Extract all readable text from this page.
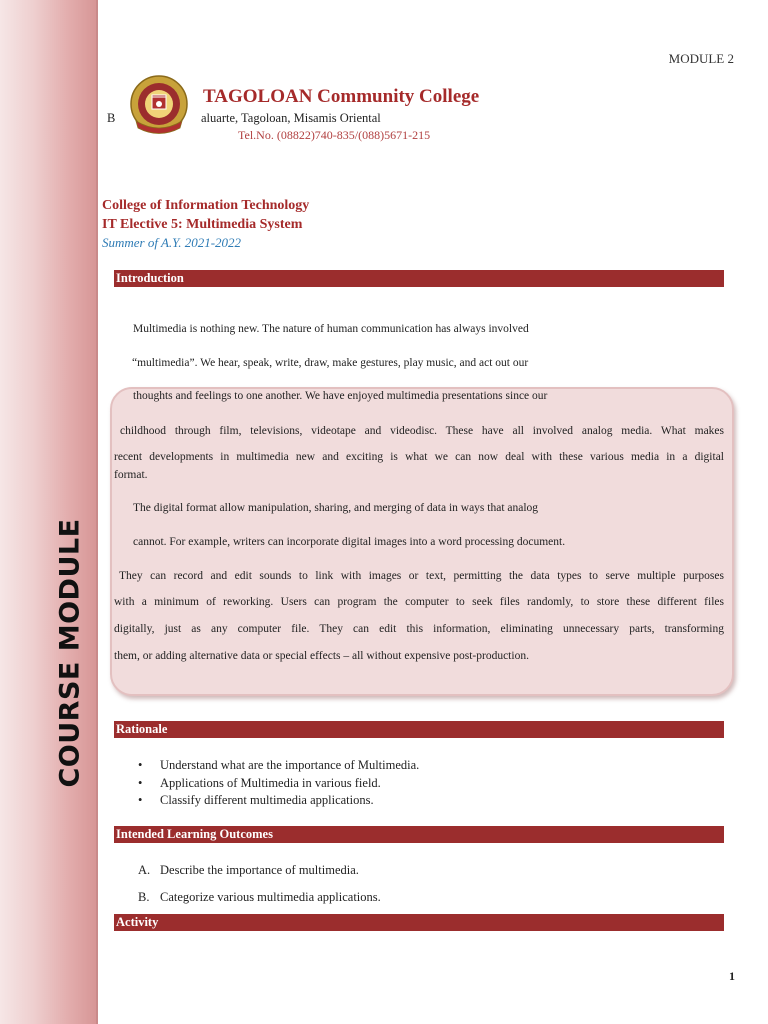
COURSE MODULE
MODULE 2
TAGOLOAN Community College
B	aluarte, Tagoloan, Misamis Oriental
Tel.No. (08822)740-835/(088)5671-215
College of Information Technology
IT Elective 5: Multimedia System
Summer of A.Y. 2021-2022
Introduction
Multimedia is nothing new. The nature of human communication has always involved
“multimedia”. We hear, speak, write, draw, make gestures, play music, and act out our
thoughts and feelings to one another. We have enjoyed multimedia presentations since our
childhood through film, televisions, videotape and videodisc. These have all involved analog media. What makes
recent developments in multimedia new and exciting is what we can now deal with these various media in a digital
format.
The digital format allow manipulation, sharing, and merging of data in ways that analog
cannot. For example, writers can incorporate digital images into a word processing document.
They can record and edit sounds to link with images or text, permitting the data types to serve multiple purposes
with a minimum of reworking. Users can program the computer to seek files randomly, to store these different files
digitally, just as any computer file. They can edit this information, eliminating unnecessary parts, transforming
them, or adding alternative data or special effects – all without expensive post-production.
Rationale
• Understand what are the importance of Multimedia.
• Applications of Multimedia in various field.
• Classify different multimedia applications.
Intended Learning Outcomes
A. Describe the importance of multimedia.
B. Categorize various multimedia applications.
Activity
1
